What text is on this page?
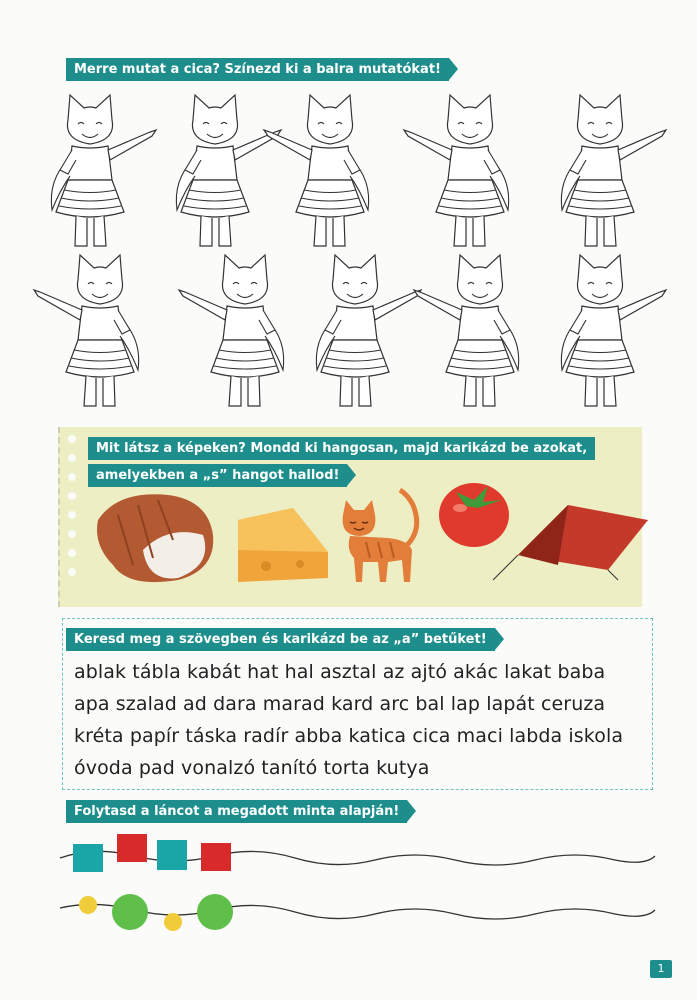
Merre mutat a cica? Színezd ki a balra mutatókat!
Mit látsz a képeken? Mondd ki hangosan, majd karikázd be azokat,
amelyekben a „s” hangot hallod!
Keresd meg a szövegben és karikázd be az „a” betűket!
ablak tábla kabát hat hal asztal az ajtó akác lakat baba
apa szalad ad dara marad kard arc bal lap lapát ceruza
kréta papír táska radír abba katica cica maci labda iskola
óvoda pad vonalzó tanító torta kutya
Folytasd a láncot a megadott minta alapján!
1
